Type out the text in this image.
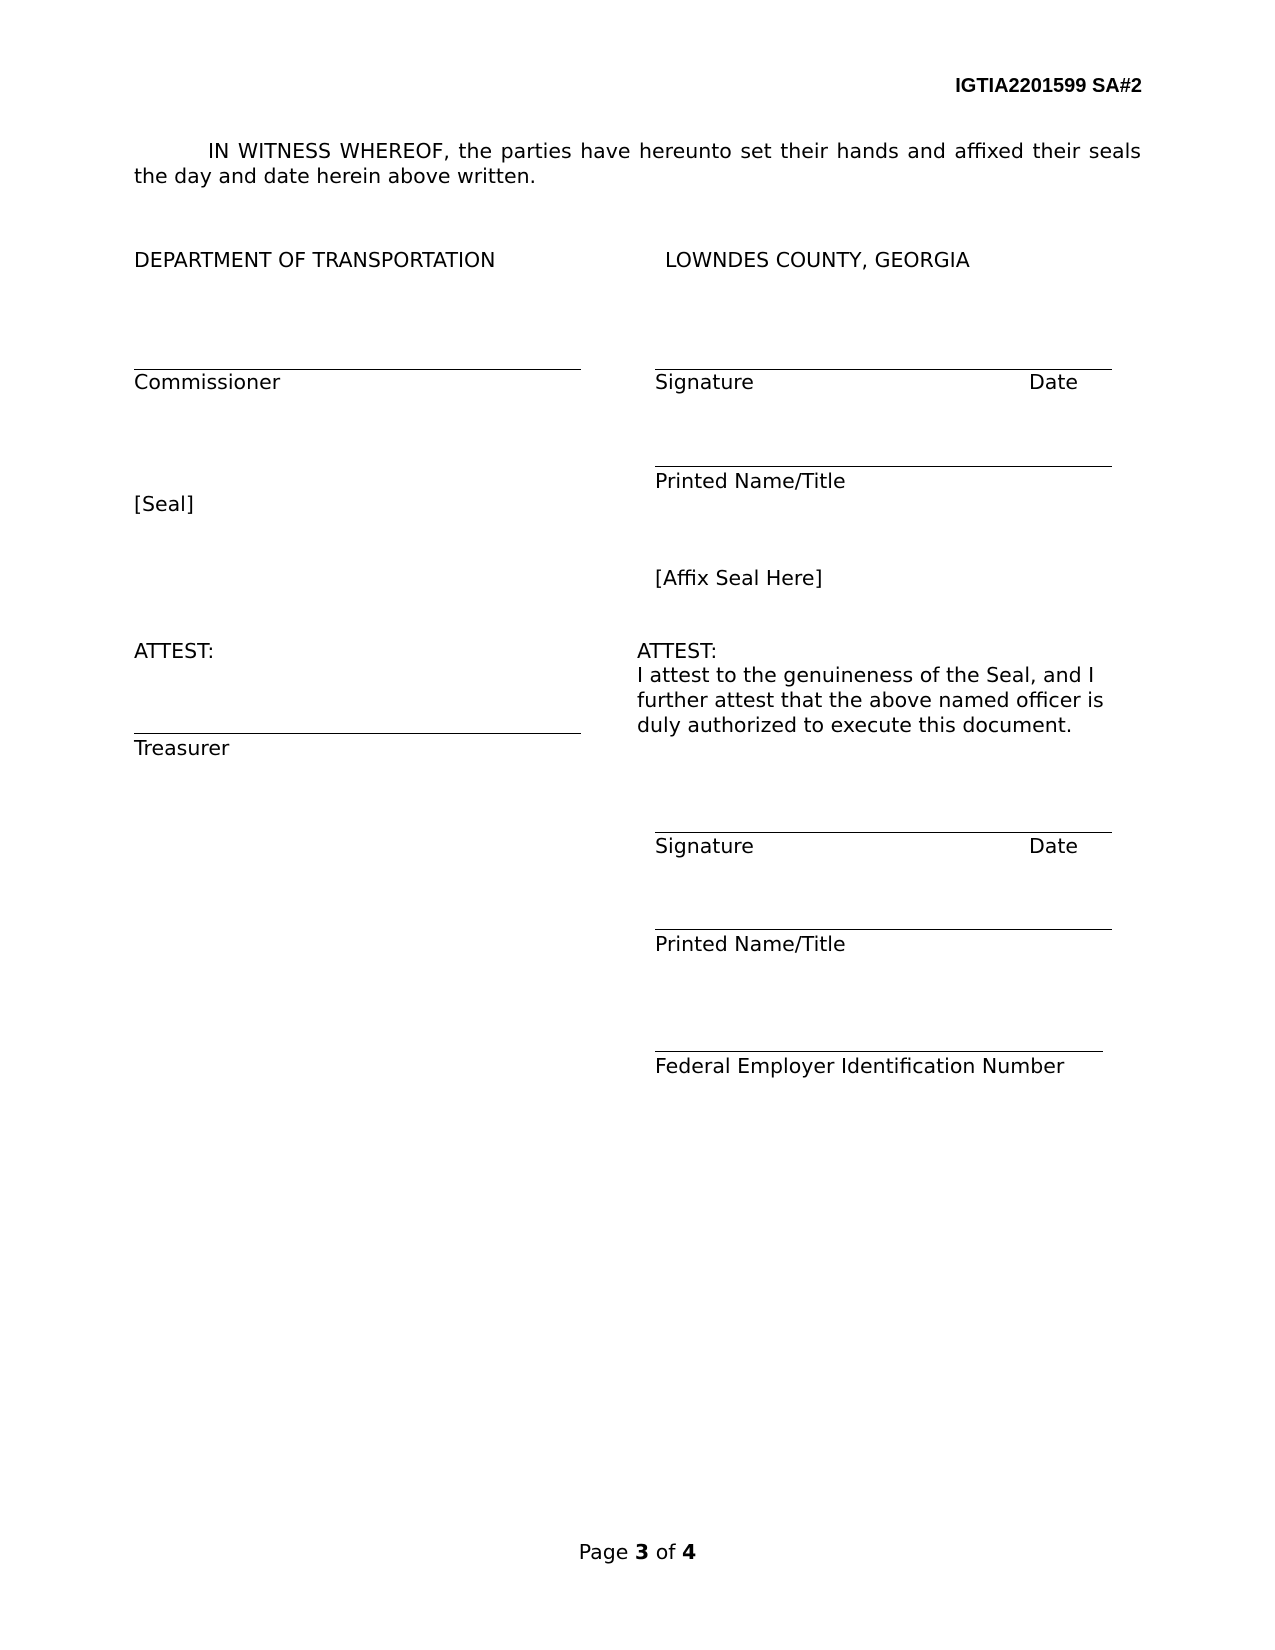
IGTIA2201599 SA#2
IN WITNESS WHEREOF, the parties have hereunto set their hands and affixed their seals the day and date herein above written.
DEPARTMENT OF TRANSPORTATION
Commissioner
[Seal]
ATTEST:
Treasurer
LOWNDES COUNTY, GEORGIA
Signature	Date
Printed Name/Title
[Affix Seal Here]
ATTEST:
I attest to the genuineness of the Seal, and I further attest that the above named officer is duly authorized to execute this document.
Signature	Date
Printed Name/Title
Federal Employer Identification Number
Page 3 of 4
